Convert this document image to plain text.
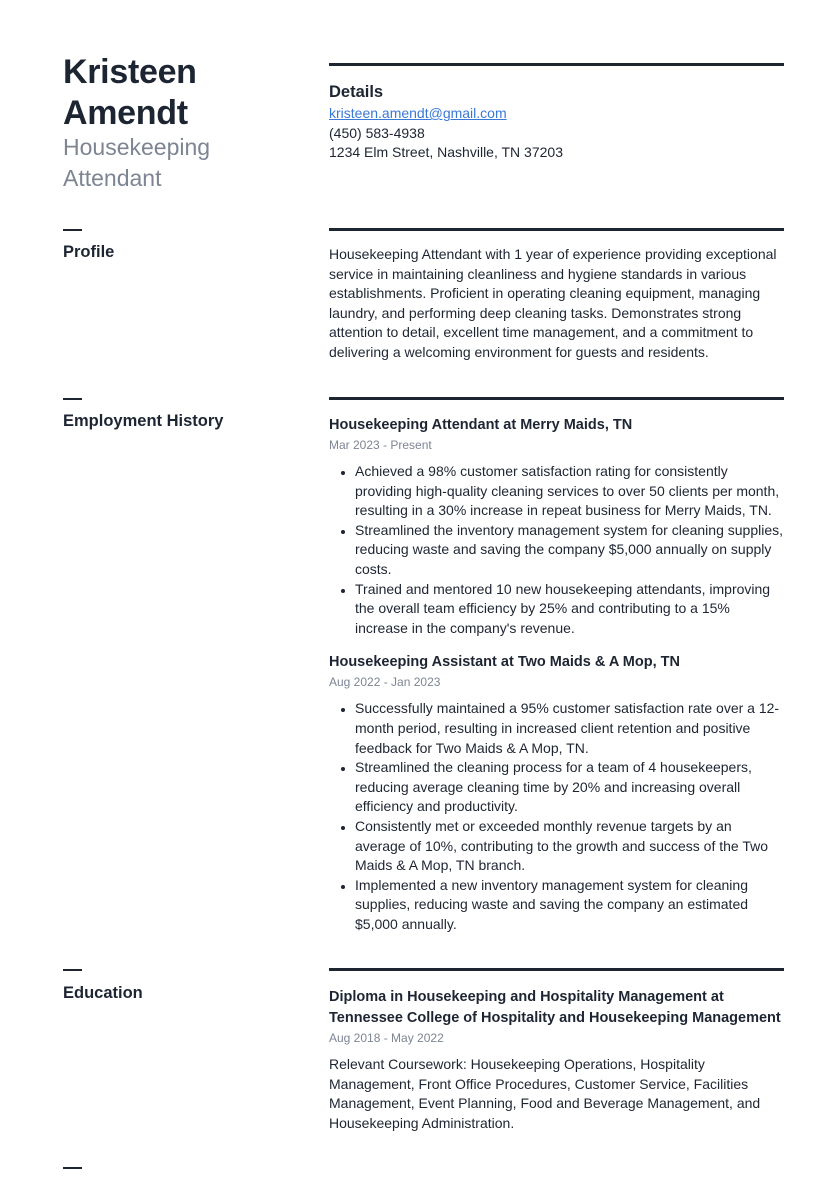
Kristeen Amendt
Housekeeping Attendant
Details
kristeen.amendt@gmail.com
(450) 583-4938
1234 Elm Street, Nashville, TN 37203
Profile	Housekeeping Attendant with 1 year of experience providing exceptional service in maintaining cleanliness and hygiene standards in various establishments. Proficient in operating cleaning equipment, managing laundry, and performing deep cleaning tasks. Demonstrates strong attention to detail, excellent time management, and a commitment to delivering a welcoming environment for guests and residents.
Employment History	Housekeeping Attendant at Merry Maids, TN
Mar 2023 - Present
• Achieved a 98% customer satisfaction rating for consistently providing high-quality cleaning services to over 50 clients per month, resulting in a 30% increase in repeat business for Merry Maids, TN.
• Streamlined the inventory management system for cleaning supplies, reducing waste and saving the company $5,000 annually on supply costs.
• Trained and mentored 10 new housekeeping attendants, improving the overall team efficiency by 25% and contributing to a 15% increase in the company's revenue.
Housekeeping Assistant at Two Maids & A Mop, TN
Aug 2022 - Jan 2023
• Successfully maintained a 95% customer satisfaction rate over a 12-month period, resulting in increased client retention and positive feedback for Two Maids & A Mop, TN.
• Streamlined the cleaning process for a team of 4 housekeepers, reducing average cleaning time by 20% and increasing overall efficiency and productivity.
• Consistently met or exceeded monthly revenue targets by an average of 10%, contributing to the growth and success of the Two Maids & A Mop, TN branch.
• Implemented a new inventory management system for cleaning supplies, reducing waste and saving the company an estimated $5,000 annually.
Education	Diploma in Housekeeping and Hospitality Management at Tennessee College of Hospitality and Housekeeping Management
Aug 2018 - May 2022
Relevant Coursework: Housekeeping Operations, Hospitality Management, Front Office Procedures, Customer Service, Facilities Management, Event Planning, Food and Beverage Management, and Housekeeping Administration.
